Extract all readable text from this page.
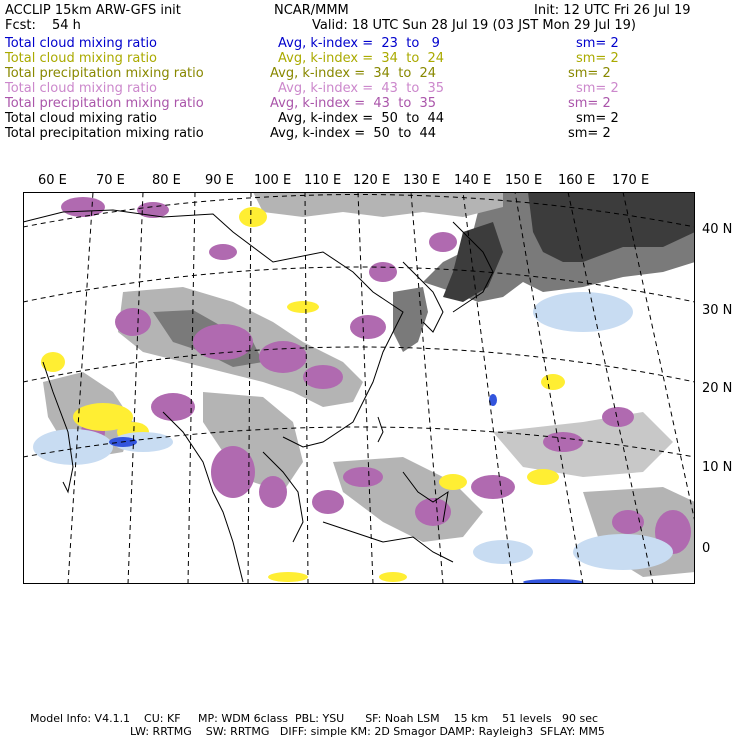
ACCLIP 15km ARW-GFS init	NCAR/MMM	Init: 12 UTC Fri 26 Jul 19
Fcst: 54 h	Valid: 18 UTC Sun 28 Jul 19 (03 JST Mon 29 Jul 19)
Total cloud mixing ratio	Avg, k-index =  23  to   9	sm= 2
Total cloud mixing ratio	Avg, k-index =  34  to  24	sm= 2
Total precipitation mixing ratio	Avg, k-index =  34  to  24	sm= 2
Total cloud mixing ratio	Avg, k-index =  43  to  35	sm= 2
Total precipitation mixing ratio	Avg, k-index =  43  to  35	sm= 2
Total cloud mixing ratio	Avg, k-index =  50  to  44	sm= 2
Total precipitation mixing ratio	Avg, k-index =  50  to  44	sm= 2
60 E 70 E 80 E 90 E 100 E 110 E 120 E 130 E 140 E 150 E 160 E 170 E
40 N
30 N
20 N
10 N
0
Model Info: V4.1.1    CU: KF     MP: WDM 6class  PBL: YSU      SF: Noah LSM    15 km    51 levels   90 sec
LW: RRTMG    SW: RRTMG   DIFF: simple KM: 2D Smagor DAMP: Rayleigh3  SFLAY: MM5
